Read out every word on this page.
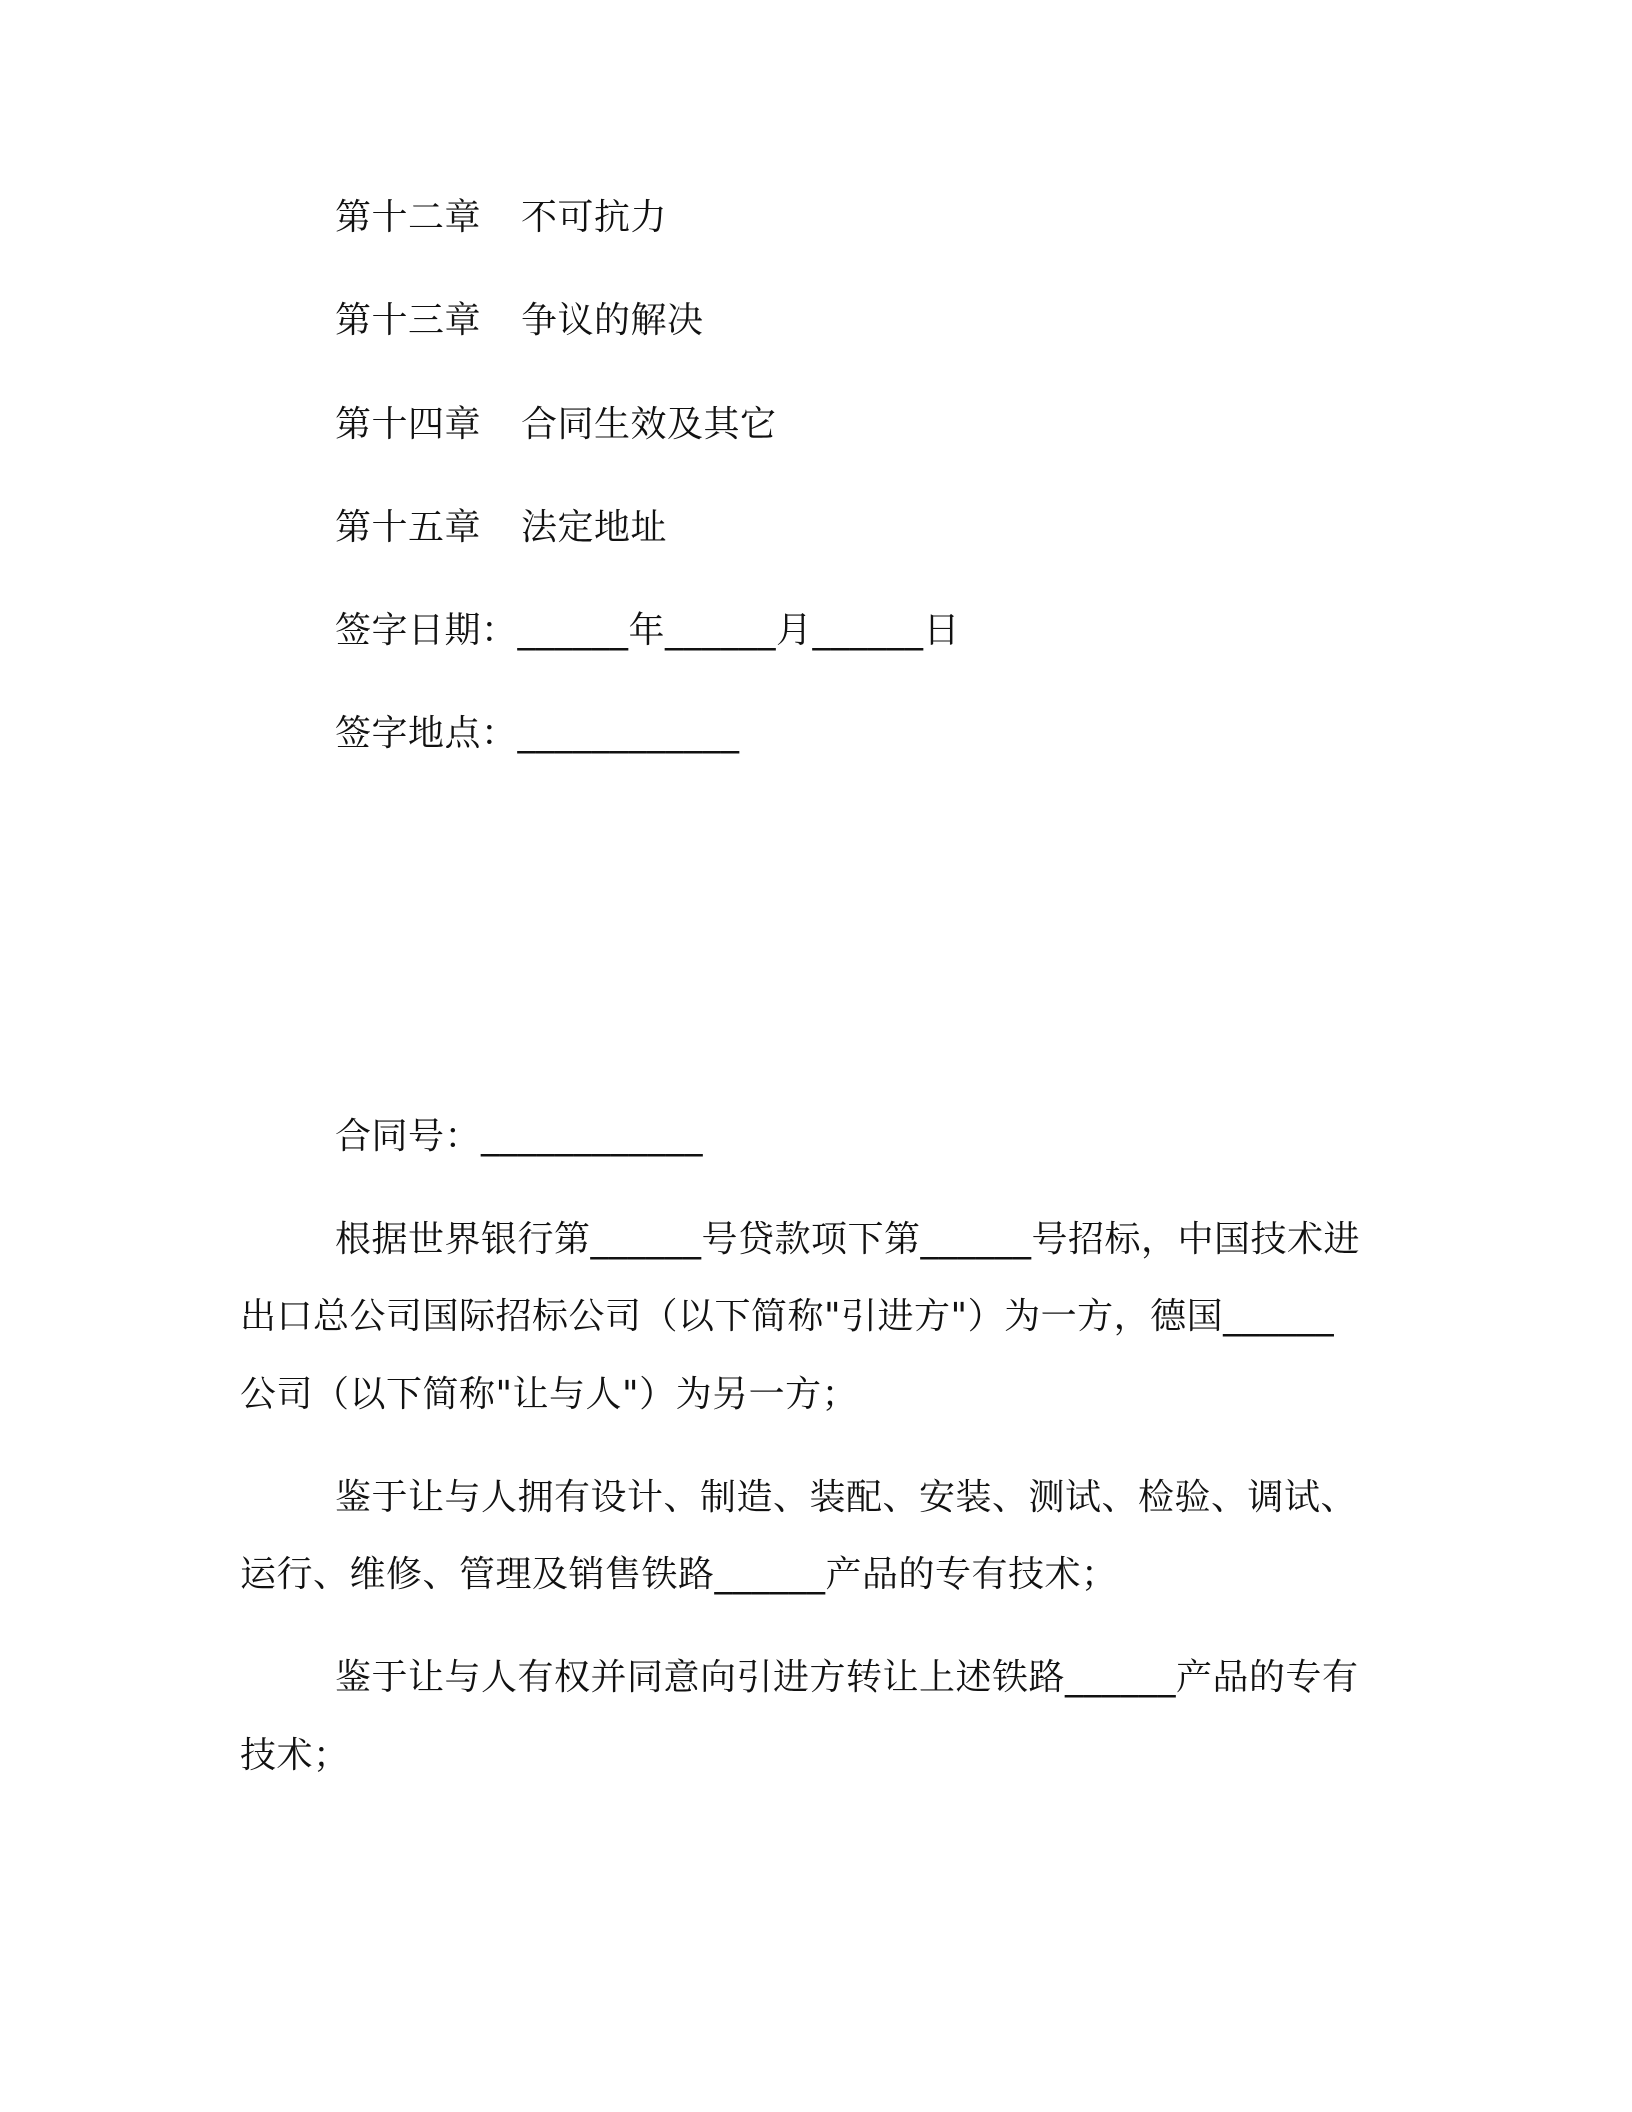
第十二章 不可抗力
第十三章 争议的解决
第十四章 合同生效及其它
第十五章 法定地址
签字日期：______年______月______日
签字地点：____________
合同号：____________
根据世界银行第______号贷款项下第______号招标，中国技术进
出口总公司国际招标公司（以下简称"引进方"）为一方，德国______
公司（以下简称"让与人"）为另一方；
鉴于让与人拥有设计、制造、装配、安装、测试、检验、调试、
运行、维修、管理及销售铁路______产品的专有技术；
鉴于让与人有权并同意向引进方转让上述铁路______产品的专有
技术；
